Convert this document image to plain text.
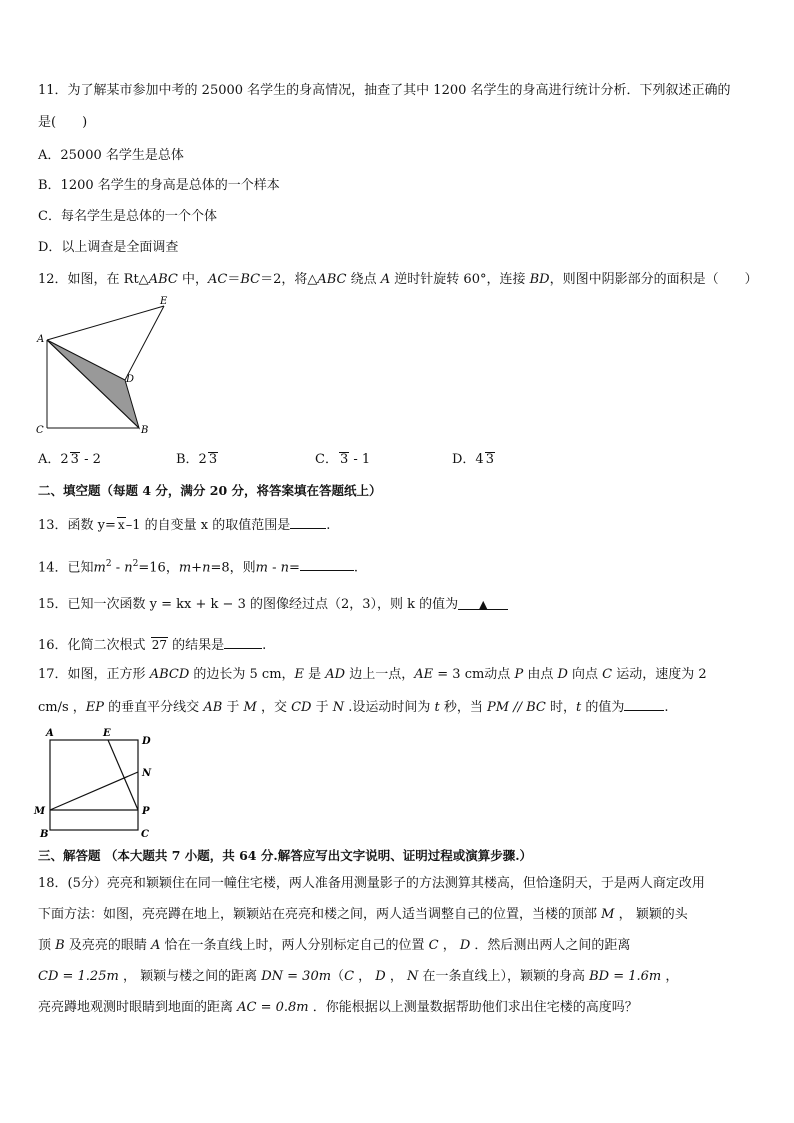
11．为了解某市参加中考的 25000 名学生的身高情况，抽查了其中 1200 名学生的身高进行统计分析．下列叙述正确的
是(　　)
A．25000 名学生是总体
B．1200 名学生的身高是总体的一个样本
C．每名学生是总体的一个个体
D．以上调查是全面调查
12．如图，在 Rt△ABC 中，AC＝BC＝2，将△ABC 绕点 A 逆时针旋转 60°，连接 BD，则图中阴影部分的面积是（　　）
A
E
D
C	B
A．2 3 - 2	B．2 3	C． 3 - 1	D．4 3
二、填空题（每题 4 分，满分 20 分，将答案填在答题纸上）
13．函数 y= x–1 的自变量 x 的取值范围是	.
14．已知$m^2 - n^2=16$，m+n=8，则m - n=	.
15．已知一次函数 y = kx + k − 3 的图像经过点（2，3），则 k 的值为 ▲
16．化简二次根式 27 的结果是	.
17．如图，正方形 ABCD 的边长为 5 cm，E 是 AD 边上一点，AE = 3 cm动点 P 由点 D 向点 C 运动，速度为 2
cm/s ，EP 的垂直平分线交 AB 于 M ，交 CD 于 N .设运动时间为 t 秒，当 PM // BC 时，t 的值为	.
A	E
D
N
M	P
B	C
三、解答题 （本大题共 7 小题，共 64 分.解答应写出文字说明、证明过程或演算步骤.）
18．(5分）亮亮和颖颖住在同一幢住宅楼，两人准备用测量影子的方法测算其楼高，但恰逢阴天，于是两人商定改用
下面方法：如图，亮亮蹲在地上，颖颖站在亮亮和楼之间，两人适当调整自己的位置，当楼的顶部 M ， 颖颖的头
顶 B 及亮亮的眼睛 A 恰在一条直线上时，两人分别标定自己的位置 C ， D ．然后测出两人之间的距离
CD = 1.25m ， 颖颖与楼之间的距离 DN = 30m（C ， D ， N 在一条直线上），颖颖的身高 BD = 1.6m ，
亮亮蹲地观测时眼睛到地面的距离 AC = 0.8m ．你能根据以上测量数据帮助他们求出住宅楼的高度吗？
